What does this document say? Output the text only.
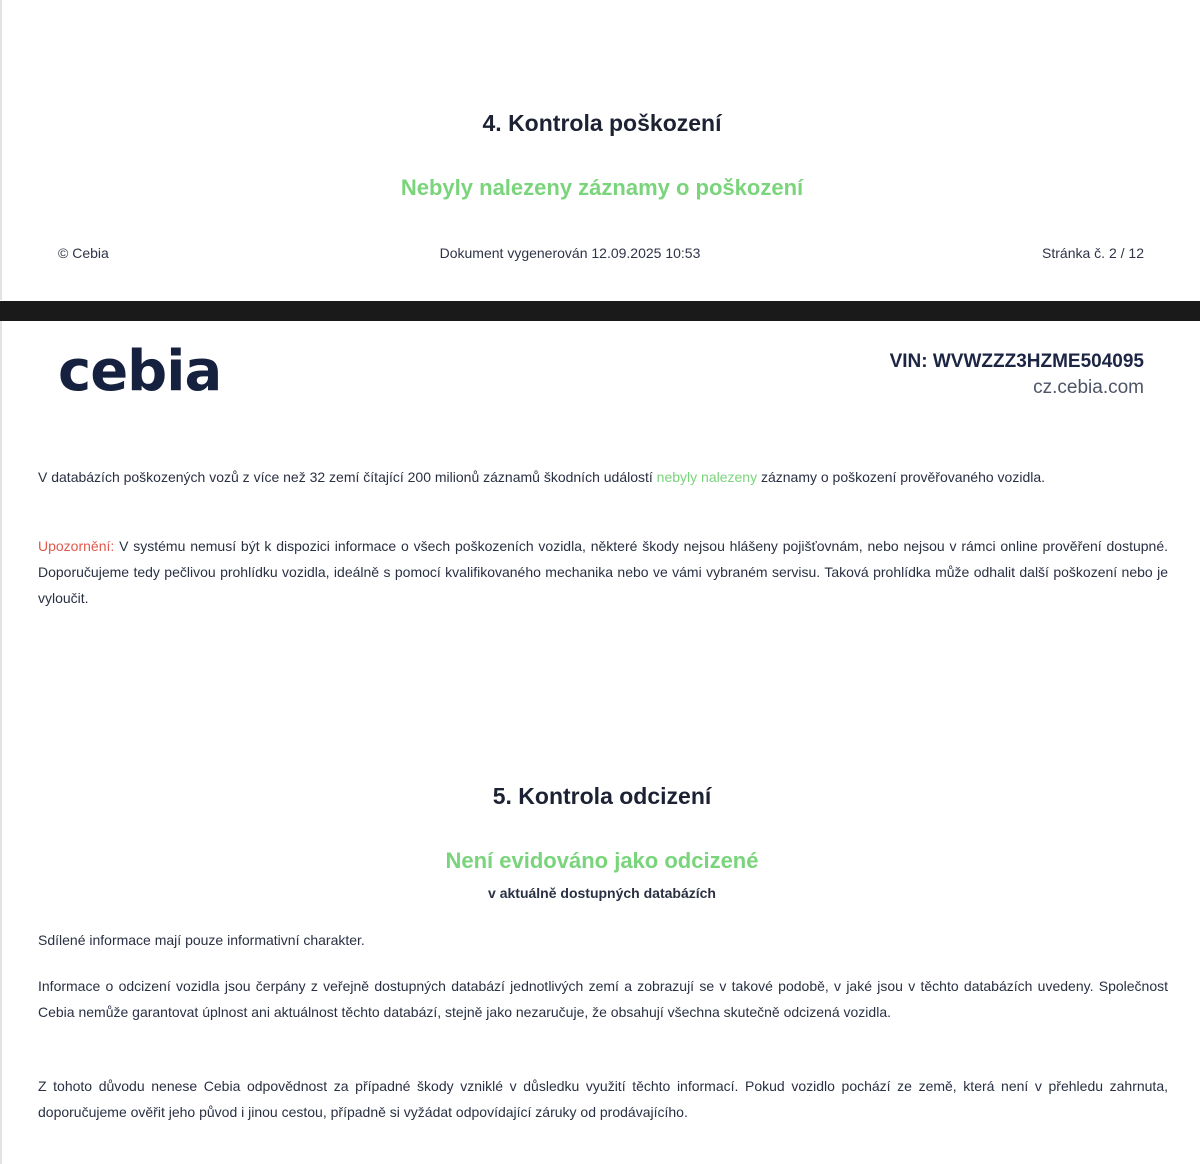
4. Kontrola poškození
Nebyly nalezeny záznamy o poškození
© Cebia	Dokument vygenerován 12.09.2025 10:53	Stránka č. 2 / 12
cebia	VIN: WVWZZZ3HZME504095
cz.cebia.com
V databázích poškozených vozů z více než 32 zemí čítající 200 milionů záznamů škodních událostí nebyly nalezeny záznamy o poškození prověřovaného vozidla.
Upozornění: V systému nemusí být k dispozici informace o všech poškozeních vozidla, některé škody nejsou hlášeny pojišťovnám, nebo nejsou v rámci online prověření dostupné. Doporučujeme tedy pečlivou prohlídku vozidla, ideálně s pomocí kvalifikovaného mechanika nebo ve vámi vybraném servisu. Taková prohlídka může odhalit další poškození nebo je vyloučit.
5. Kontrola odcizení
Není evidováno jako odcizené
v aktuálně dostupných databázích
Sdílené informace mají pouze informativní charakter.
Informace o odcizení vozidla jsou čerpány z veřejně dostupných databází jednotlivých zemí a zobrazují se v takové podobě, v jaké jsou v těchto databázích uvedeny. Společnost Cebia nemůže garantovat úplnost ani aktuálnost těchto databází, stejně jako nezaručuje, že obsahují všechna skutečně odcizená vozidla.
Z tohoto důvodu nenese Cebia odpovědnost za případné škody vzniklé v důsledku využití těchto informací. Pokud vozidlo pochází ze země, která není v přehledu zahrnuta, doporučujeme ověřit jeho původ i jinou cestou, případně si vyžádat odpovídající záruky od prodávajícího.
